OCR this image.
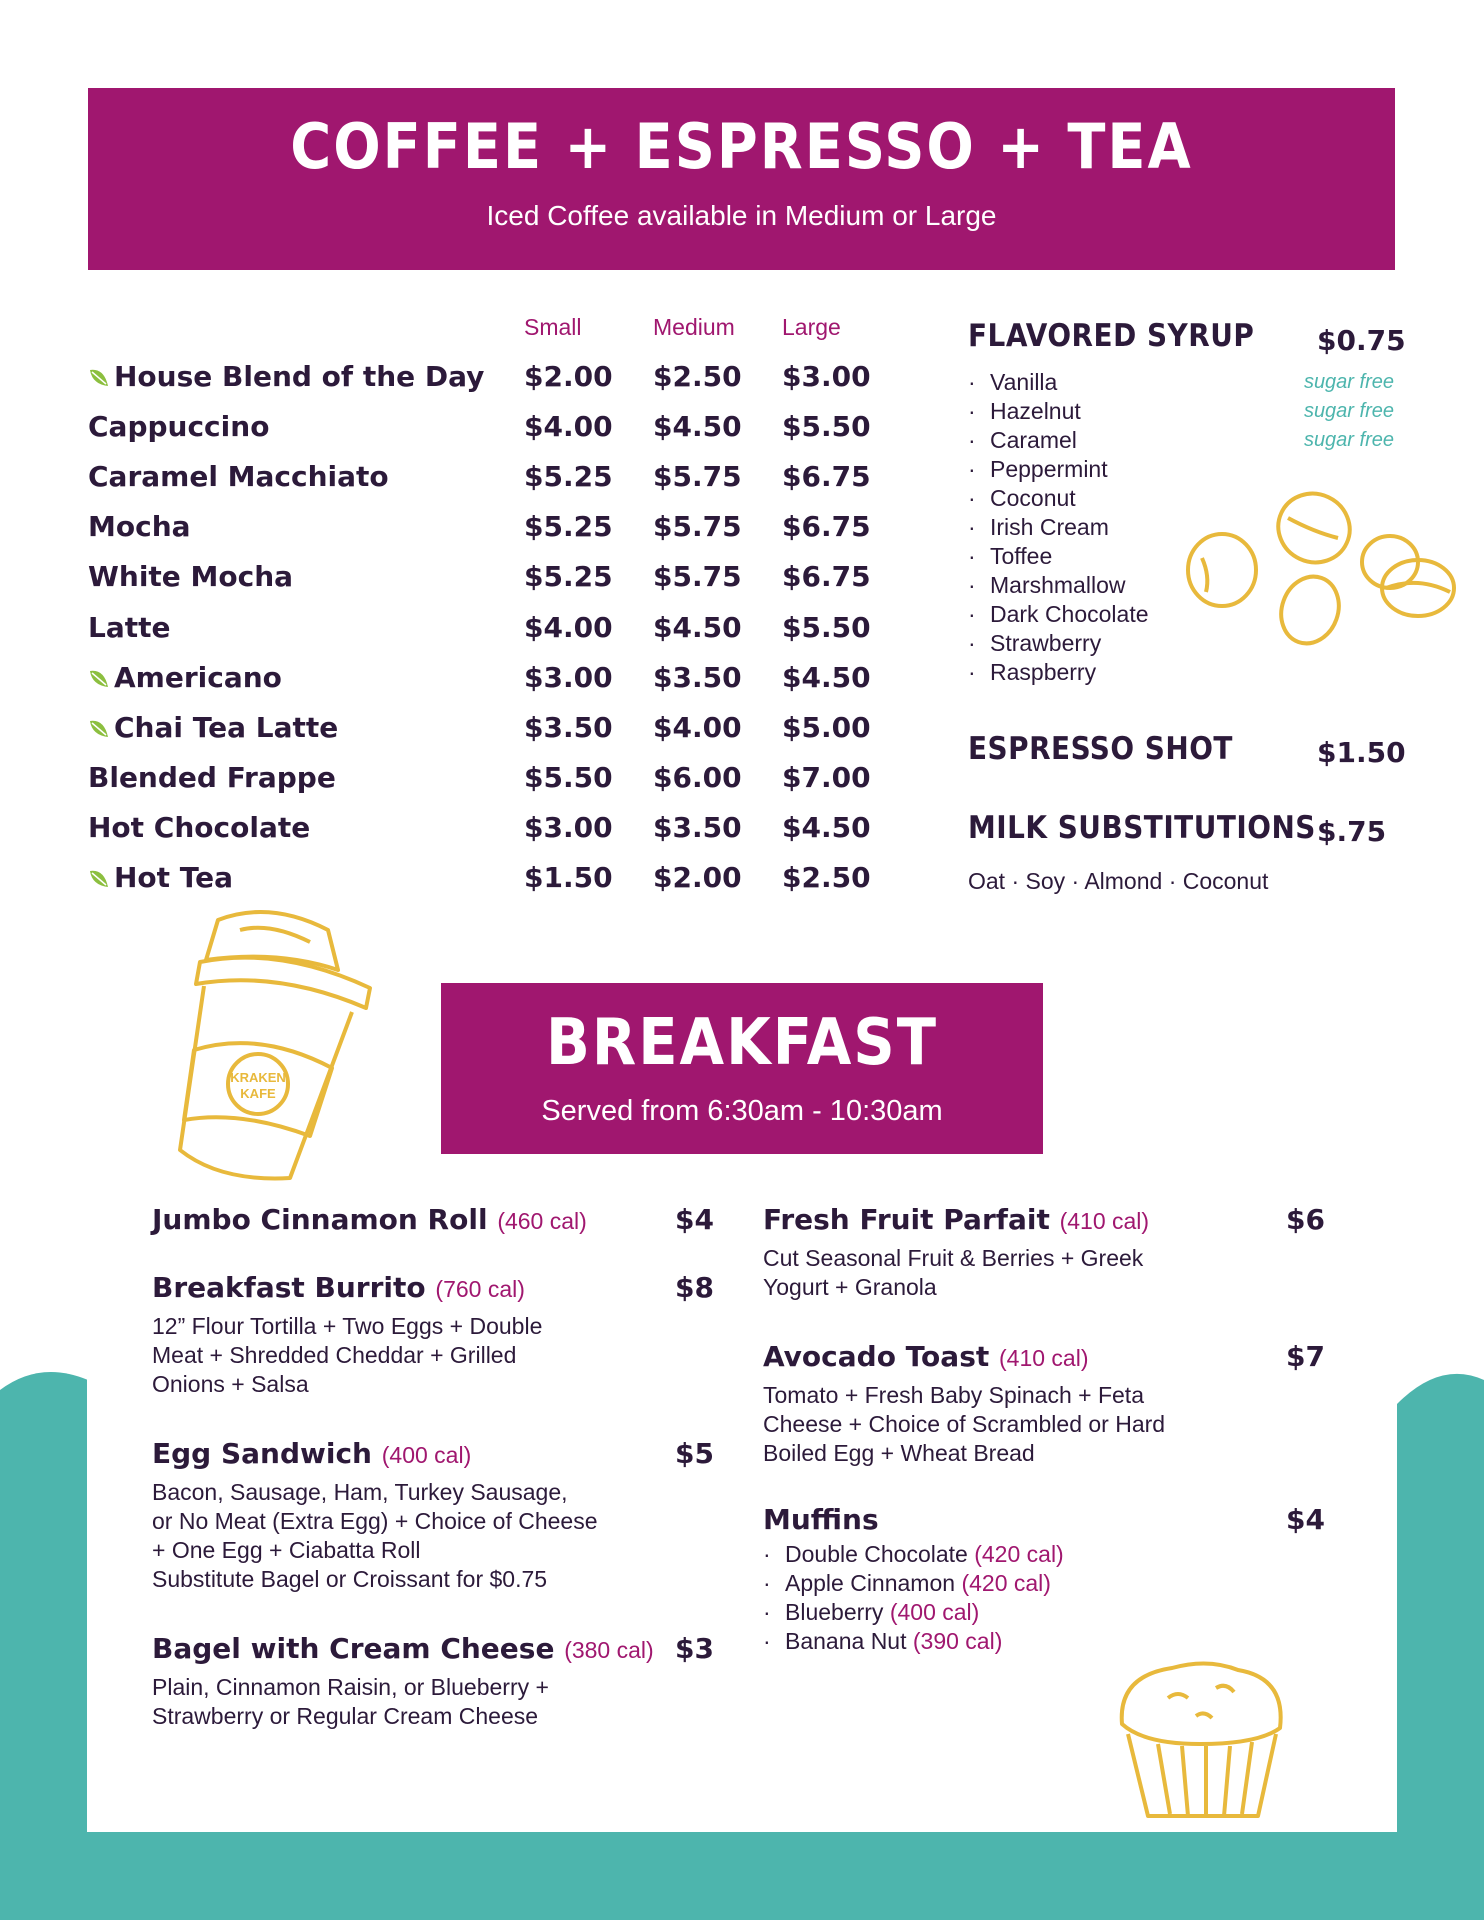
COFFEE + ESPRESSO + TEA
Iced Coffee available in Medium or Large
Small	Medium Large
House Blend of the Day $2.00 $2.50 $3.00
Cappuccino	$4.00 $4.50 $5.50
Caramel Macchiato	$5.25 $5.75 $6.75
Mocha	$5.25 $5.75 $6.75
White Mocha	$5.25 $5.75 $6.75
Latte	$4.00 $4.50 $5.50
Americano	$3.00 $3.50 $4.50
Chai Tea Latte	$3.50 $4.00 $5.00
Blended Frappe	$5.50 $6.00 $7.00
Hot Chocolate	$3.00 $3.50 $4.50
Hot Tea	$1.50 $2.00 $2.50
FLAVORED SYRUP $0.75
· Vanilla	sugar free
· Hazelnut	sugar free
· Caramel	sugar free
· Peppermint
· Coconut
· Irish Cream
· Toffee
· Marshmallow
· Dark Chocolate
· Strawberry
· Raspberry
ESPRESSO SHOT	$1.50
MILK SUBSTITUTIONS $.75
Oat · Soy · Almond · Coconut
KRAKEN
KAFE
BREAKFAST
Served from 6:30am - 10:30am
Jumbo Cinnamon Roll (460 cal)	$4
Breakfast Burrito (760 cal)	$8
12” Flour Tortilla + Two Eggs + Double
Meat + Shredded Cheddar + Grilled
Onions + Salsa
Egg Sandwich (400 cal)	$5
Bacon, Sausage, Ham, Turkey Sausage,
or No Meat (Extra Egg) + Choice of Cheese
+ One Egg + Ciabatta Roll
Substitute Bagel or Croissant for $0.75
Bagel with Cream Cheese (380 cal) $3
Plain, Cinnamon Raisin, or Blueberry +
Strawberry or Regular Cream Cheese
Fresh Fruit Parfait (410 cal)	$6
Cut Seasonal Fruit & Berries + Greek
Yogurt + Granola
Avocado Toast (410 cal)	$7
Tomato + Fresh Baby Spinach + Feta
Cheese + Choice of Scrambled or Hard
Boiled Egg + Wheat Bread
Muffins	$4
· Double Chocolate (420 cal)
· Apple Cinnamon (420 cal)
· Blueberry (400 cal)
· Banana Nut (390 cal)
